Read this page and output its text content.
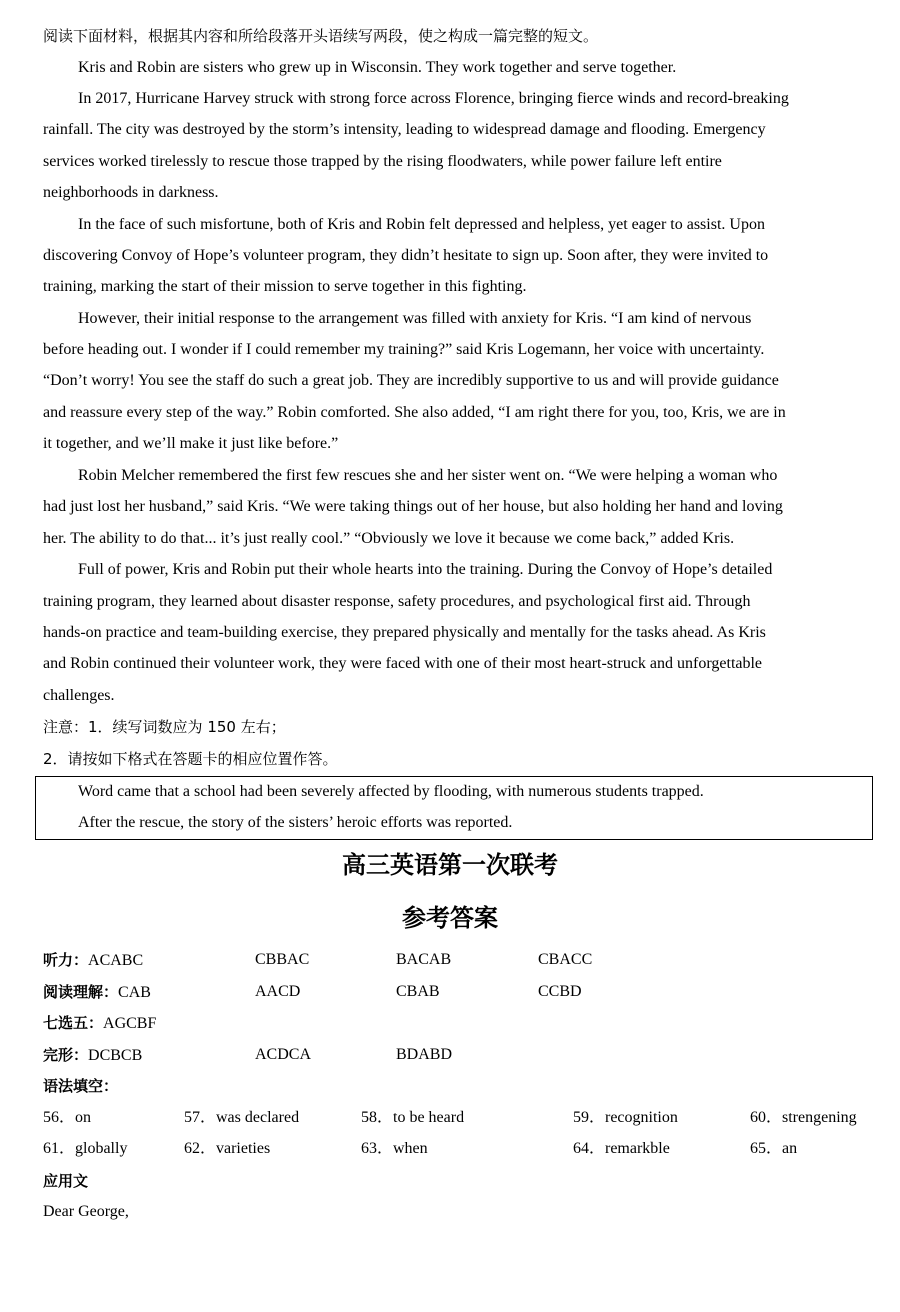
阅读下面材料，根据其内容和所给段落开头语续写两段，使之构成一篇完整的短文。
Kris and Robin are sisters who grew up in Wisconsin. They work together and serve together.
In 2017, Hurricane Harvey struck with strong force across Florence, bringing fierce winds and record-breaking
rainfall. The city was destroyed by the storm’s intensity, leading to widespread damage and flooding. Emergency
services worked tirelessly to rescue those trapped by the rising floodwaters, while power failure left entire
neighborhoods in darkness.
In the face of such misfortune, both of Kris and Robin felt depressed and helpless, yet eager to assist. Upon
discovering Convoy of Hope’s volunteer program, they didn’t hesitate to sign up. Soon after, they were invited to
training, marking the start of their mission to serve together in this fighting.
However, their initial response to the arrangement was filled with anxiety for Kris. “I am kind of nervous
before heading out. I wonder if I could remember my training?” said Kris Logemann, her voice with uncertainty.
“Don’t worry! You see the staff do such a great job. They are incredibly supportive to us and will provide guidance
and reassure every step of the way.” Robin comforted. She also added, “I am right there for you, too, Kris, we are in
it together, and we’ll make it just like before.”
Robin Melcher remembered the first few rescues she and her sister went on. “We were helping a woman who
had just lost her husband,” said Kris. “We were taking things out of her house, but also holding her hand and loving
her. The ability to do that... it’s just really cool.” “Obviously we love it because we come back,” added Kris.
Full of power, Kris and Robin put their whole hearts into the training. During the Convoy of Hope’s detailed
training program, they learned about disaster response, safety procedures, and psychological first aid. Through
hands-on practice and team-building exercise, they prepared physically and mentally for the tasks ahead. As Kris
and Robin continued their volunteer work, they were faced with one of their most heart-struck and unforgettable
challenges.
注意：1．续写词数应为 150 左右；
2．请按如下格式在答题卡的相应位置作答。
Word came that a school had been severely affected by flooding, with numerous students trapped.
After the rescue, the story of the sisters’ heroic efforts was reported.
高三英语第一次联考
参考答案
听力：ACABC	CBBAC	BACAB	CBACC
阅读理解：CAB	AACD	CBAB	CCBD
七选五：AGCBF
完形：DCBCB	ACDCA	BDABD
语法填空：
56．on	57．was declared	58．to be heard	59．recognition	60．strengening
61．globally	62．varieties	63．when	64．remarkble	65．an
应用文
Dear George,
